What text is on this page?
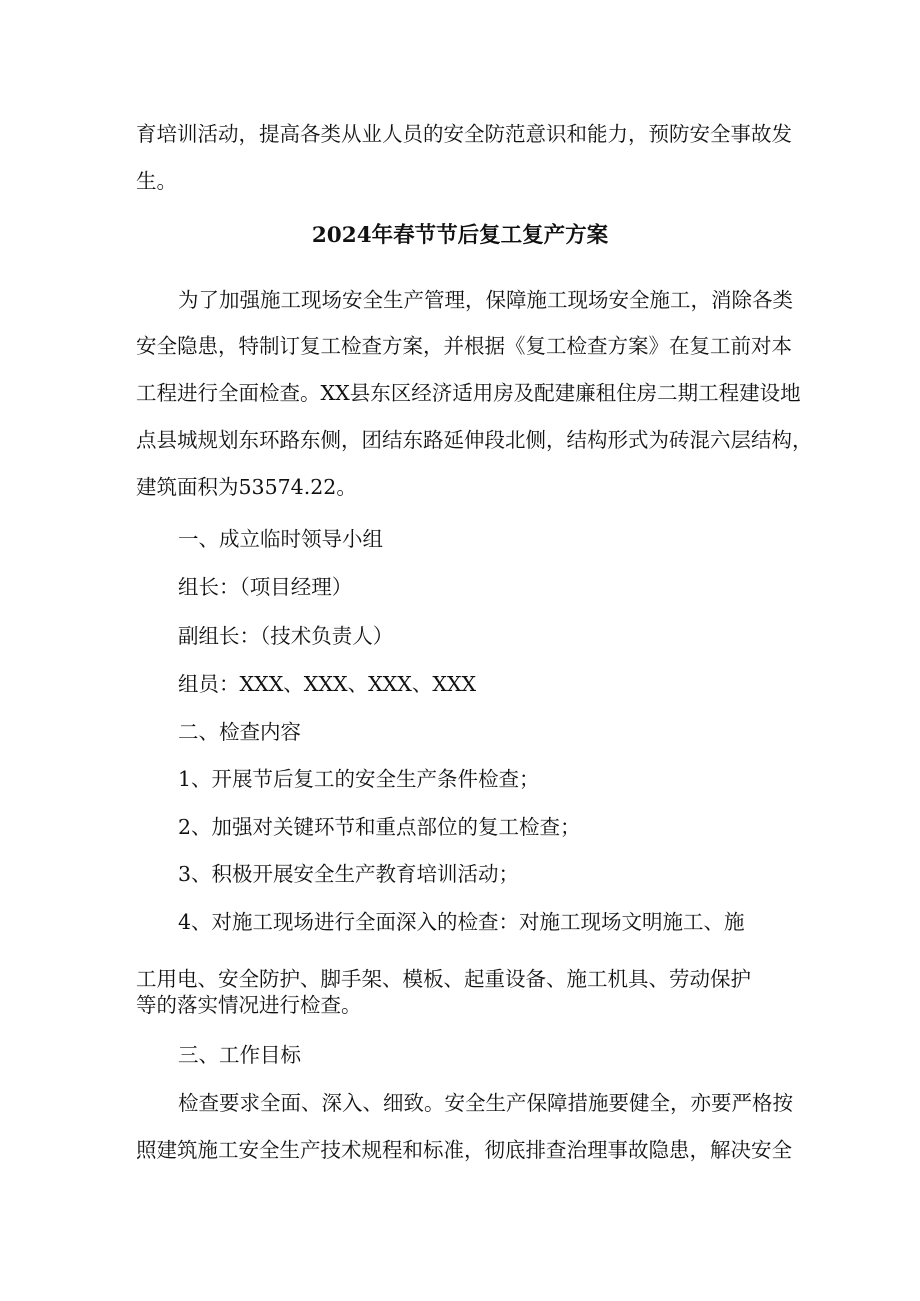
育培训活动，提高各类从业人员的安全防范意识和能力，预防安全事故发

生。

2024年春节节后复工复产方案

为了加强施工现场安全生产管理，保障施工现场安全施工，消除各类

安全隐患，特制订复工检查方案，并根据《复工检查方案》在复工前对本

工程进行全面检查。XX县东区经济适用房及配建廉租住房二期工程建设地

点县城规划东环路东侧，团结东路延伸段北侧，结构形式为砖混六层结构，

建筑面积为53574.22。

一、成立临时领导小组

组长：（项目经理）

副组长：（技术负责人）

组员：XXX、XXX、XXX、XXX

二、检查内容

1、开展节后复工的安全生产条件检查；

2、加强对关键环节和重点部位的复工检查；

3、积极开展安全生产教育培训活动；

4、对施工现场进行全面深入的检查：对施工现场文明施工、施

工用电、安全防护、脚手架、模板、起重设备、施工机具、劳动保护

等的落实情况进行检查。

三、工作目标

检查要求全面、深入、细致。安全生产保障措施要健全，亦要严格按

照建筑施工安全生产技术规程和标准，彻底排查治理事故隐患，解决安全
